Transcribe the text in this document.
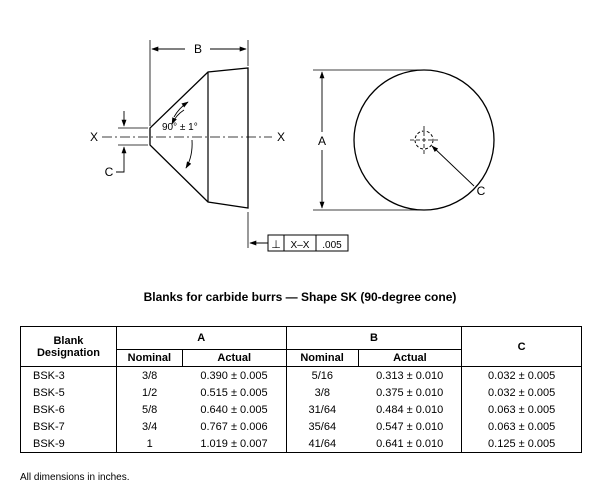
B
X	X
90° ± 1°
C
⊥ X–X .005
A
C
Blanks for carbide burrs — Shape SK (90-degree cone)
Blank
Designation	A		B		C
	Nominal	Actual	Nominal	Actual	
BSK-3	3/8	0.390 ± 0.005	5/16	0.313 ± 0.010	0.032 ± 0.005
BSK-5	1/2	0.515 ± 0.005	3/8	0.375 ± 0.010	0.032 ± 0.005
BSK-6	5/8	0.640 ± 0.005	31/64	0.484 ± 0.010	0.063 ± 0.005
BSK-7	3/4	0.767 ± 0.006	35/64	0.547 ± 0.010	0.063 ± 0.005
BSK-9	1	1.019 ± 0.007	41/64	0.641 ± 0.010	0.125 ± 0.005
All dimensions in inches.
